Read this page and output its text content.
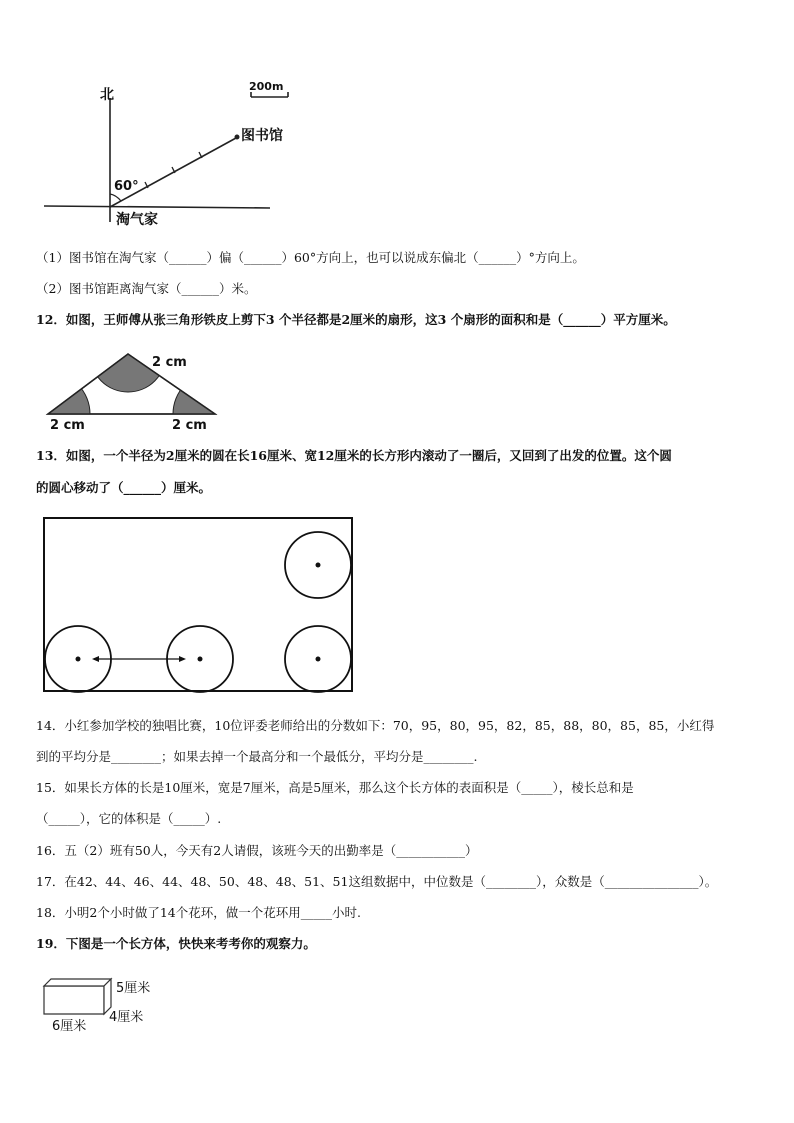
北
200m
图书馆
60°
淘气家
（1）图书馆在淘气家（______）偏（______）60°方向上，也可以说成东偏北（______）°方向上。
（2）图书馆距离淘气家（______）米。
12．如图，王师傅从张三角形铁皮上剪下3 个半径都是2厘米的扇形，这3 个扇形的面积和是（______）平方厘米。
2 cm
2 cm	2 cm
13．如图，一个半径为2厘米的圆在长16厘米、宽12厘米的长方形内滚动了一圈后，又回到了出发的位置。这个圆
的圆心移动了（______）厘米。
14．小红参加学校的独唱比赛，10位评委老师给出的分数如下：70，95，80，95，82，85，88，80，85，85，小红得
到的平均分是________；如果去掉一个最高分和一个最低分，平均分是________.
15．如果长方体的长是10厘米，宽是7厘米，高是5厘米，那么这个长方体的表面积是（_____），棱长总和是
（_____），它的体积是（_____）.
16．五（2）班有50人，今天有2人请假，该班今天的出勤率是（___________）
17．在42、44、46、44、48、50、48、48、51、51这组数据中，中位数是（________），众数是（_______________）。
18．小明2个小时做了14个花环，做一个花环用_____小时.
19．下图是一个长方体，快快来考考你的观察力。
5厘米
4厘米
6厘米
